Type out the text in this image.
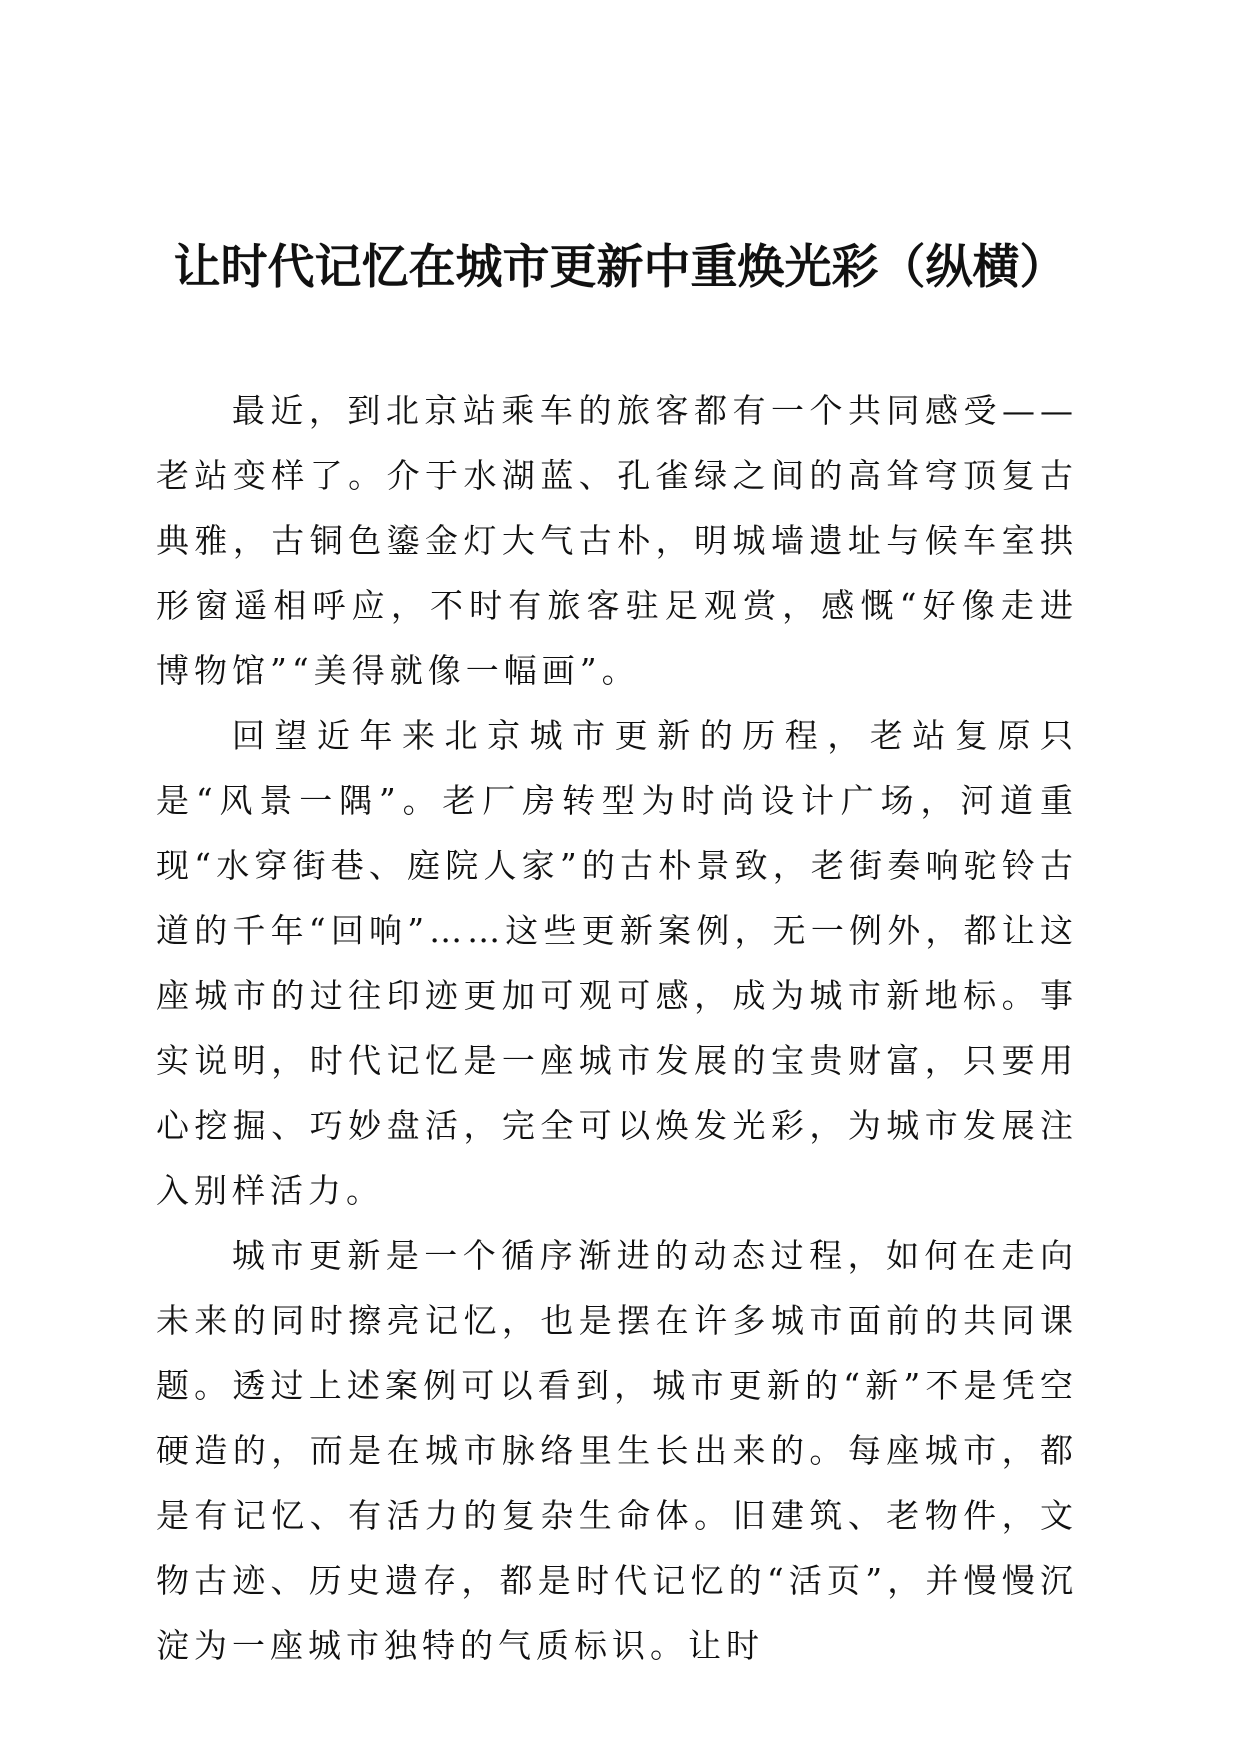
让时代记忆在城市更新中重焕光彩（纵横）

最近，到北京站乘车的旅客都有一个共同感受——老站变样了。介于水湖蓝、孔雀绿之间的高耸穹顶复古典雅，古铜色鎏金灯大气古朴，明城墙遗址与候车室拱形窗遥相呼应，不时有旅客驻足观赏，感慨“好像走进博物馆”“美得就像一幅画”。

回望近年来北京城市更新的历程，老站复原只是“风景一隅”。老厂房转型为时尚设计广场，河道重现“水穿街巷、庭院人家”的古朴景致，老街奏响驼铃古道的千年“回响”……这些更新案例，无一例外，都让这座城市的过往印迹更加可观可感，成为城市新地标。事实说明，时代记忆是一座城市发展的宝贵财富，只要用心挖掘、巧妙盘活，完全可以焕发光彩，为城市发展注入别样活力。

城市更新是一个循序渐进的动态过程，如何在走向未来的同时擦亮记忆，也是摆在许多城市面前的共同课题。透过上述案例可以看到，城市更新的“新”不是凭空硬造的，而是在城市脉络里生长出来的。每座城市，都是有记忆、有活力的复杂生命体。旧建筑、老物件，文物古迹、历史遗存，都是时代记忆的“活页”，并慢慢沉淀为一座城市独特的气质标识。让时
